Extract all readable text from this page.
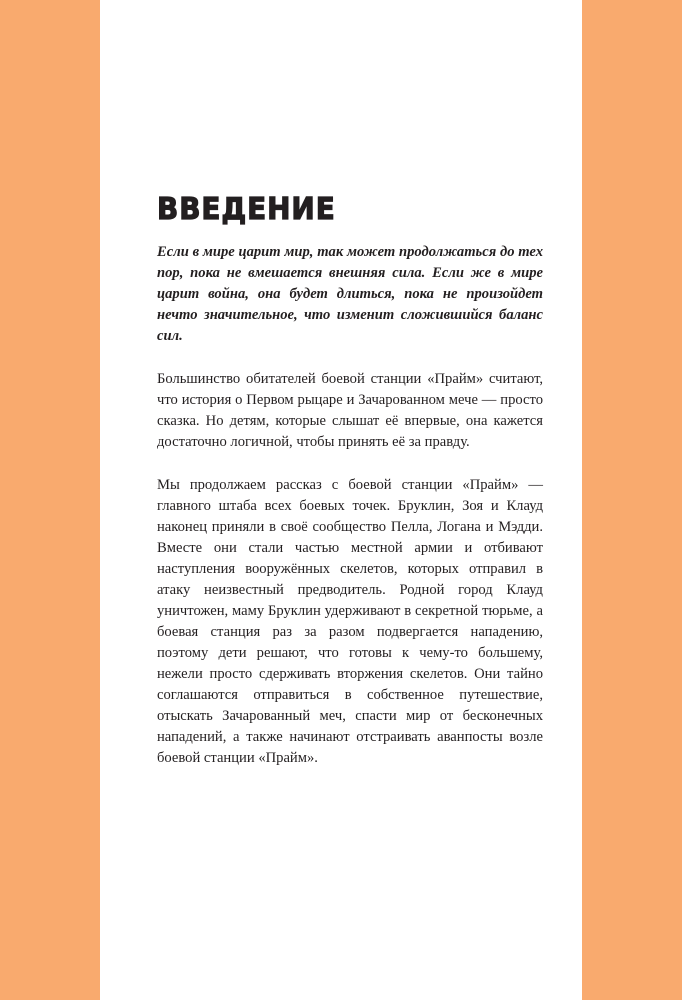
ВВЕДЕНИЕ

Если в мире царит мир, так может продолжаться до тех пор, пока не вмешается внешняя сила. Если же в мире царит война, она будет длиться, пока не произойдет нечто значительное, что изменит сложившийся баланс сил.

Большинство обитателей боевой станции «Прайм» считают, что история о Первом рыцаре и Зачарованном мече — просто сказка. Но детям, которые слышат её впервые, она кажется достаточно логичной, чтобы принять её за правду.

Мы продолжаем рассказ с боевой станции «Прайм» — главного штаба всех боевых точек. Бруклин, Зоя и Клауд наконец приняли в своё сообщество Пелла, Логана и Мэдди. Вместе они стали частью местной армии и отбивают наступления вооружённых скелетов, которых отправил в атаку неизвестный предводитель. Родной город Клауд уничтожен, маму Бруклин удерживают в секретной тюрьме, а боевая станция раз за разом подвергается нападению, поэтому дети решают, что готовы к чему-то большему, нежели просто сдерживать вторжения скелетов. Они тайно соглашаются отправиться в собственное путешествие, отыскать Зачарованный меч, спасти мир от бесконечных нападений, а также начинают отстраивать аванпосты возле боевой станции «Прайм».
